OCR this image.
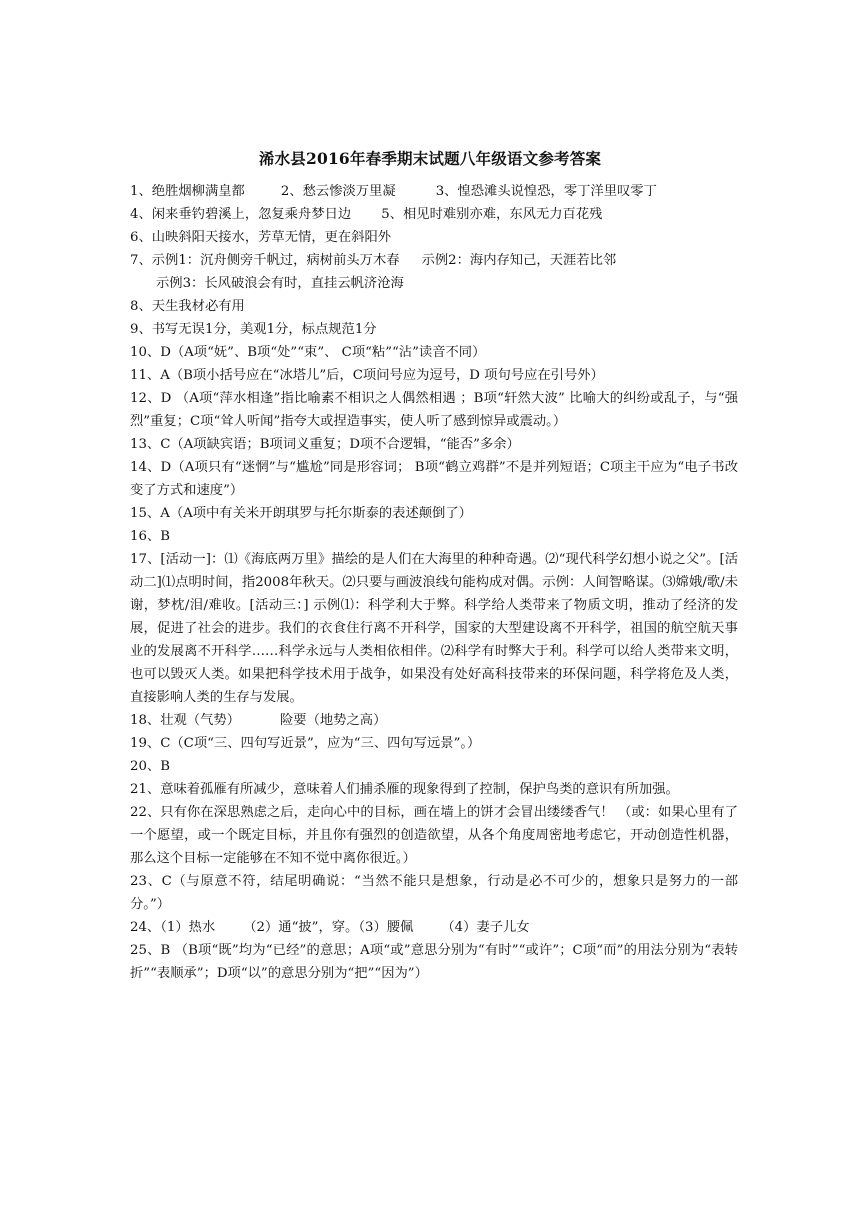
浠水县2016年春季期末试题八年级语文参考答案
1、绝胜烟柳满皇都	2、愁云惨淡万里凝	3、惶恐滩头说惶恐，零丁洋里叹零丁
4、闲来垂钓碧溪上，忽复乘舟梦日边 5、相见时难别亦难，东风无力百花残
6、山映斜阳天接水，芳草无情，更在斜阳外
7、示例1：沉舟侧旁千帆过，病树前头万木春 示例2：海内存知己，天涯若比邻
示例3：长风破浪会有时，直挂云帆济沧海
8、天生我材必有用
9、书写无误1分，美观1分，标点规范1分
10、D（A项“妩”、B项“处”“束”、 C项“粘”“沾”读音不同）
11、A（B项小括号应在“冰塔儿”后，C项问号应为逗号，D 项句号应在引号外）
12、D （A项“萍水相逢”指比喻素不相识之人偶然相遇 ；B项“轩然大波” 比喻大的纠纷或乱子，与“强烈”重复；C项“耸人听闻”指夸大或捏造事实，使人听了感到惊异或震动。）
13、C（A项缺宾语；B项词义重复；D项不合逻辑，“能否”多余）
14、D（A项只有“迷惘”与“尴尬”同是形容词； B项“鹤立鸡群”不是并列短语；C项主干应为“电子书改变了方式和速度”）
15、A（A项中有关米开朗琪罗与托尔斯泰的表述颠倒了）
16、B
17、[活动一]：⑴《海底两万里》描绘的是人们在大海里的种种奇遇。⑵“现代科学幻想小说之父”。[活动二]⑴点明时间，指2008年秋天。⑵只要与画波浪线句能构成对偶。示例：人间智略谋。⑶嫦娥/歌/未谢，梦枕/泪/难收。[活动三：] 示例⑴：科学利大于弊。科学给人类带来了物质文明，推动了经济的发展，促进了社会的进步。我们的衣食住行离不开科学，国家的大型建设离不开科学，祖国的航空航天事业的发展离不开科学……科学永远与人类相依相伴。⑵科学有时弊大于利。科学可以给人类带来文明，也可以毁灭人类。如果把科学技术用于战争，如果没有处好高科技带来的环保问题，科学将危及人类，直接影响人类的生存与发展。
18、壮观（气势）	险要（地势之高）
19、C（C项“三、四句写近景”，应为“三、四句写远景”。）
20、B
21、意味着孤雁有所减少，意味着人们捕杀雁的现象得到了控制，保护鸟类的意识有所加强。
22、只有你在深思熟虑之后，走向心中的目标，画在墙上的饼才会冒出缕缕香气！ （或：如果心里有了一个愿望，或一个既定目标，并且你有强烈的创造欲望，从各个角度周密地考虑它，开动创造性机器，那么这个目标一定能够在不知不觉中离你很近。）
23、C（与原意不符，结尾明确说：“当然不能只是想象，行动是必不可少的，想象只是努力的一部分。”）
24、（1）热水 （2）通“披”，穿。（3）腰佩 （4）妻子儿女
25、B （B项“既”均为“已经”的意思；A项“或”意思分别为“有时”“或许”；C项“而”的用法分别为“表转折”“表顺承”；D项“以”的意思分别为“把”“因为”）
